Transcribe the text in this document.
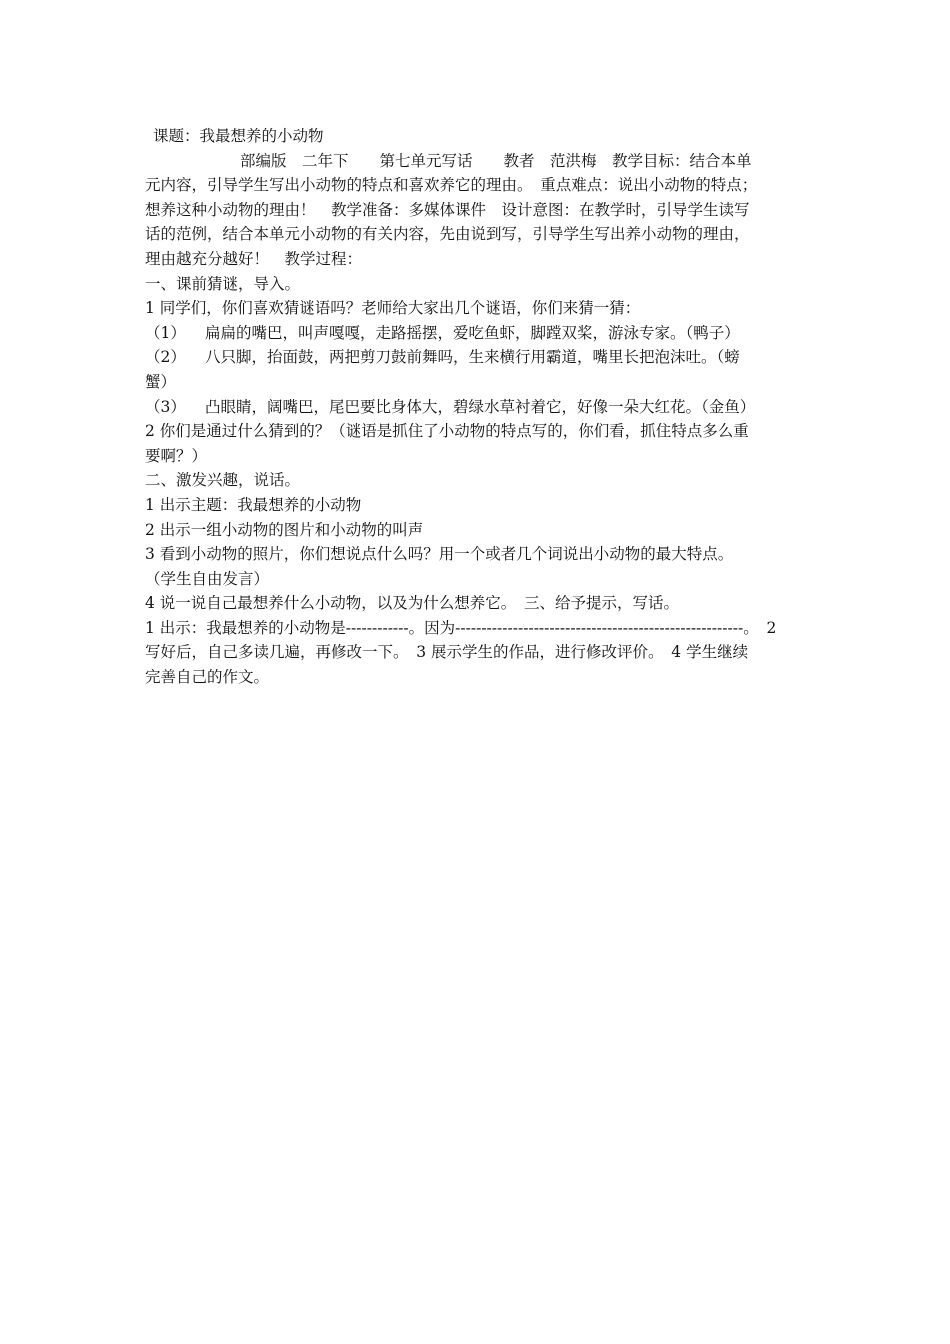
课题：我最想养的小动物
部编版　二年下　　第七单元写话　　教者　范洪梅　教学目标：结合本单
元内容，引导学生写出小动物的特点和喜欢养它的理由。　重点难点：说出小动物的特点；
想养这种小动物的理由！　教学准备：多媒体课件　设计意图：在教学时，引导学生读写
话的范例，结合本单元小动物的有关内容，先由说到写，引导学生写出养小动物的理由，
理由越充分越好！　教学过程：
一、课前猜谜，导入。
1 同学们，你们喜欢猜谜语吗？老师给大家出几个谜语，你们来猜一猜：
（1）	扁扁的嘴巴，叫声嘎嘎，走路摇摆，爱吃鱼虾，脚蹚双桨，游泳专家。（鸭子）
（2）	八只脚，抬面鼓，两把剪刀鼓前舞吗，生来横行用霸道，嘴里长把泡沫吐。（螃
蟹）
（3）	凸眼睛，阔嘴巴，尾巴要比身体大，碧绿水草衬着它，好像一朵大红花。（金鱼）
2 你们是通过什么猜到的？（谜语是抓住了小动物的特点写的，你们看，抓住特点多么重
要啊？）
二、激发兴趣，说话。
1 出示主题：我最想养的小动物
2 出示一组小动物的图片和小动物的叫声
3 看到小动物的照片，你们想说点什么吗？用一个或者几个词说出小动物的最大特点。
（学生自由发言）
4 说一说自己最想养什么小动物，以及为什么想养它。　三、给予提示，写话。
1 出示：我最想养的小动物是------------。因为-------------------------------------------------------。　2
写好后，自己多读几遍，再修改一下。　3 展示学生的作品，进行修改评价。　4 学生继续
完善自己的作文。
